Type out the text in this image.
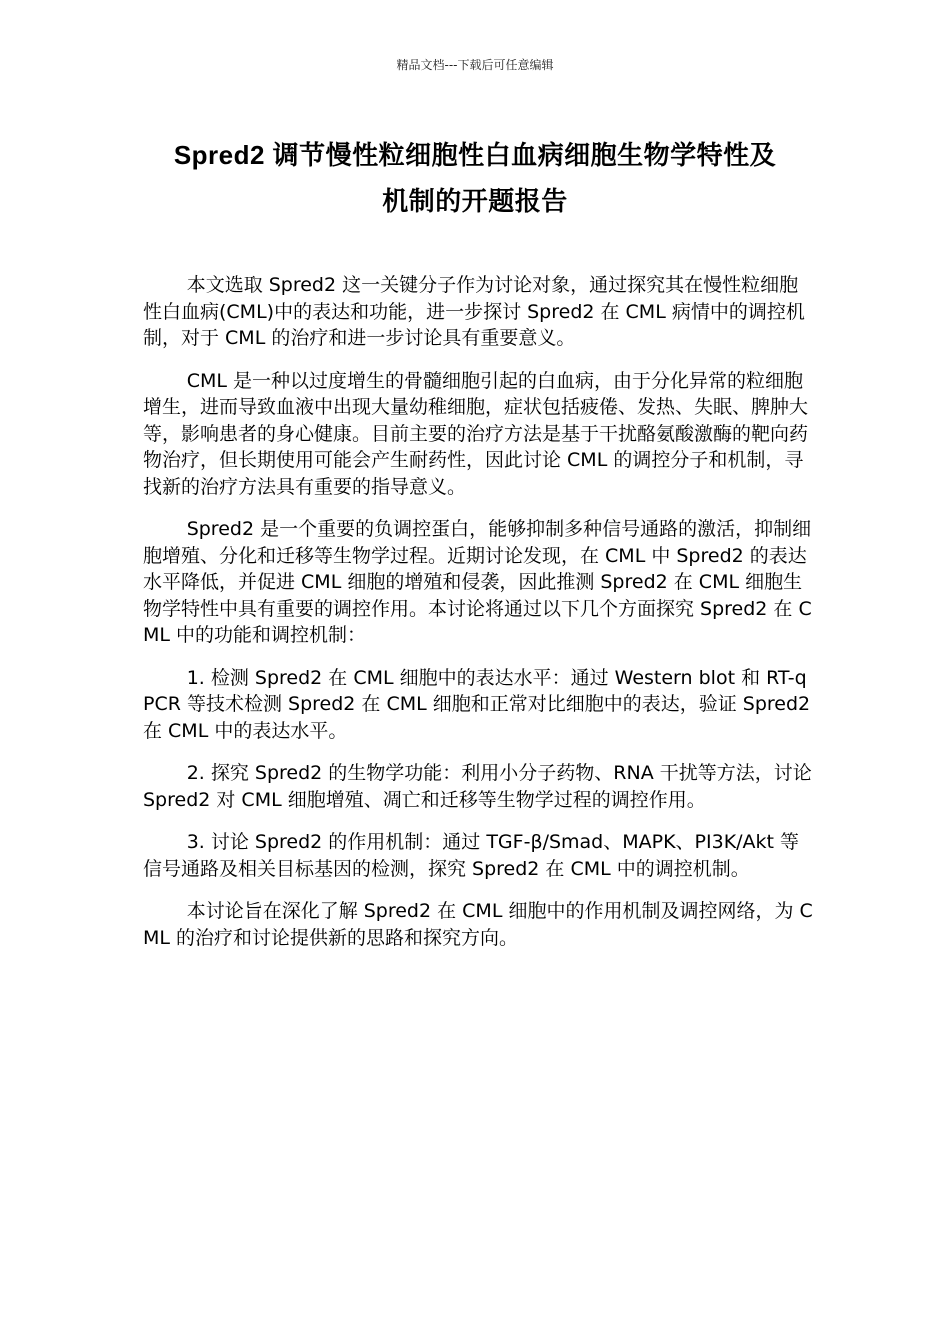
精品文档---下载后可任意编辑
Spred2 调节慢性粒细胞性白血病细胞生物学特性及
机制的开题报告

本文选取 Spred2 这一关键分子作为讨论对象，通过探究其在慢性粒细胞性白血病(CML)中的表达和功能，进一步探讨 Spred2 在 CML 病情中的调控机制，对于 CML 的治疗和进一步讨论具有重要意义。

CML 是一种以过度增生的骨髓细胞引起的白血病，由于分化异常的粒细胞增生，进而导致血液中出现大量幼稚细胞，症状包括疲倦、发热、失眠、脾肿大等，影响患者的身心健康。目前主要的治疗方法是基于干扰酪氨酸激酶的靶向药物治疗，但长期使用可能会产生耐药性，因此讨论 CML 的调控分子和机制，寻找新的治疗方法具有重要的指导意义。

Spred2 是一个重要的负调控蛋白，能够抑制多种信号通路的激活，抑制细胞增殖、分化和迁移等生物学过程。近期讨论发现，在 CML 中 Spred2 的表达水平降低，并促进 CML 细胞的增殖和侵袭，因此推测 Spred2 在 CML 细胞生物学特性中具有重要的调控作用。本讨论将通过以下几个方面探究 Spred2 在 CML 中的功能和调控机制：

1. 检测 Spred2 在 CML 细胞中的表达水平：通过 Western blot 和 RT-qPCR 等技术检测 Spred2 在 CML 细胞和正常对比细胞中的表达，验证 Spred2 在 CML 中的表达水平。

2. 探究 Spred2 的生物学功能：利用小分子药物、RNA 干扰等方法，讨论 Spred2 对 CML 细胞增殖、凋亡和迁移等生物学过程的调控作用。

3. 讨论 Spred2 的作用机制：通过 TGF-β/Smad、MAPK、PI3K/Akt 等信号通路及相关目标基因的检测，探究 Spred2 在 CML 中的调控机制。

本讨论旨在深化了解 Spred2 在 CML 细胞中的作用机制及调控网络，为 CML 的治疗和讨论提供新的思路和探究方向。
